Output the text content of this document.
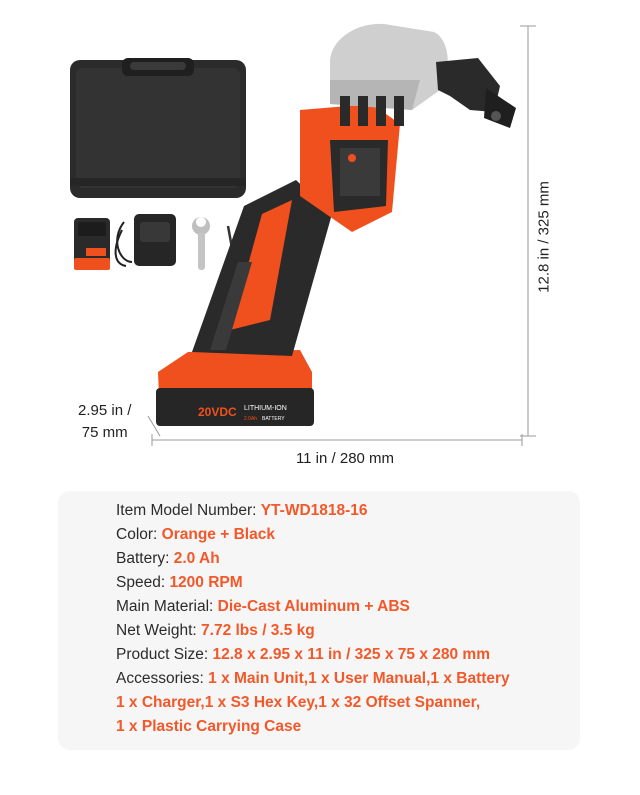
20VDC LITHIUM-ION
2.0Ah BATTERY
12.8 in / 325 mm
2.95 in /
75 mm
11 in / 280 mm
Item Model Number: YT-WD1818-16
Color: Orange + Black
Battery: 2.0 Ah
Speed: 1200 RPM
Main Material: Die-Cast Aluminum + ABS
Net Weight: 7.72 lbs / 3.5 kg
Product Size: 12.8 x 2.95 x 11 in / 325 x 75 x 280 mm
Accessories: 1 x Main Unit,1 x User Manual,1 x Battery
1 x Charger,1 x S3 Hex Key,1 x 32 Offset Spanner,
1 x Plastic Carrying Case
